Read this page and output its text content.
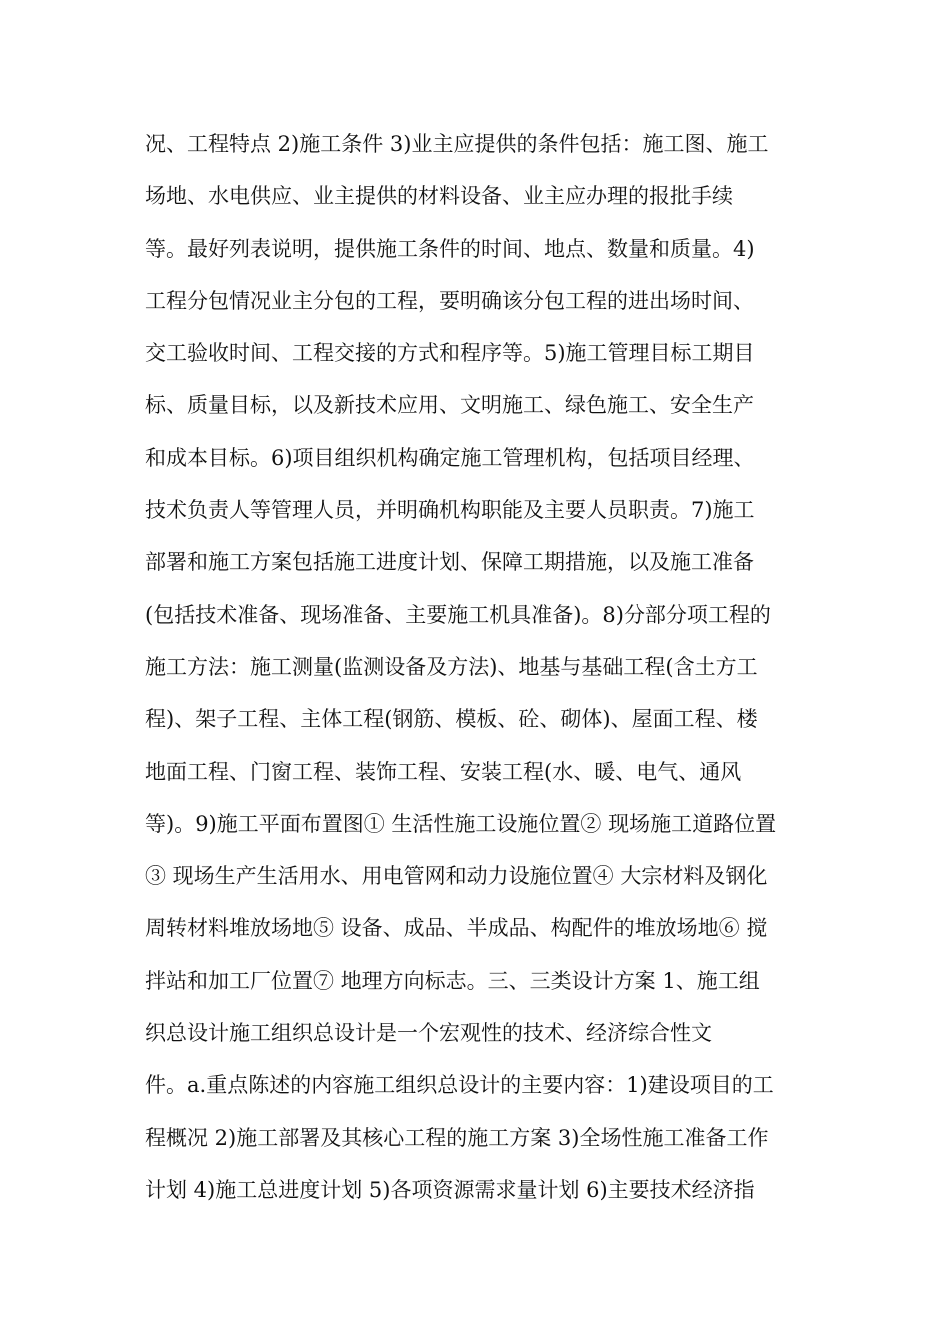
况、工程特点 2)施工条件 3)业主应提供的条件包括：施工图、施工
场地、水电供应、业主提供的材料设备、业主应办理的报批手续
等。最好列表说明，提供施工条件的时间、地点、数量和质量。4)
工程分包情况业主分包的工程，要明确该分包工程的进出场时间、
交工验收时间、工程交接的方式和程序等。5)施工管理目标工期目
标、质量目标，以及新技术应用、文明施工、绿色施工、安全生产
和成本目标。6)项目组织机构确定施工管理机构，包括项目经理、
技术负责人等管理人员，并明确机构职能及主要人员职责。7)施工
部署和施工方案包括施工进度计划、保障工期措施，以及施工准备
(包括技术准备、现场准备、主要施工机具准备)。8)分部分项工程的
施工方法：施工测量(监测设备及方法)、地基与基础工程(含土方工
程)、架子工程、主体工程(钢筋、模板、砼、砌体)、屋面工程、楼
地面工程、门窗工程、装饰工程、安装工程(水、暖、电气、通风
等)。9)施工平面布置图① 生活性施工设施位置② 现场施工道路位置
③ 现场生产生活用水、用电管网和动力设施位置④ 大宗材料及钢化
周转材料堆放场地⑤ 设备、成品、半成品、构配件的堆放场地⑥ 搅
拌站和加工厂位置⑦ 地理方向标志。三、三类设计方案 1、施工组
织总设计施工组织总设计是一个宏观性的技术、经济综合性文
件。a.重点陈述的内容施工组织总设计的主要内容：1)建设项目的工
程概况 2)施工部署及其核心工程的施工方案 3)全场性施工准备工作
计划 4)施工总进度计划 5)各项资源需求量计划 6)主要技术经济指
